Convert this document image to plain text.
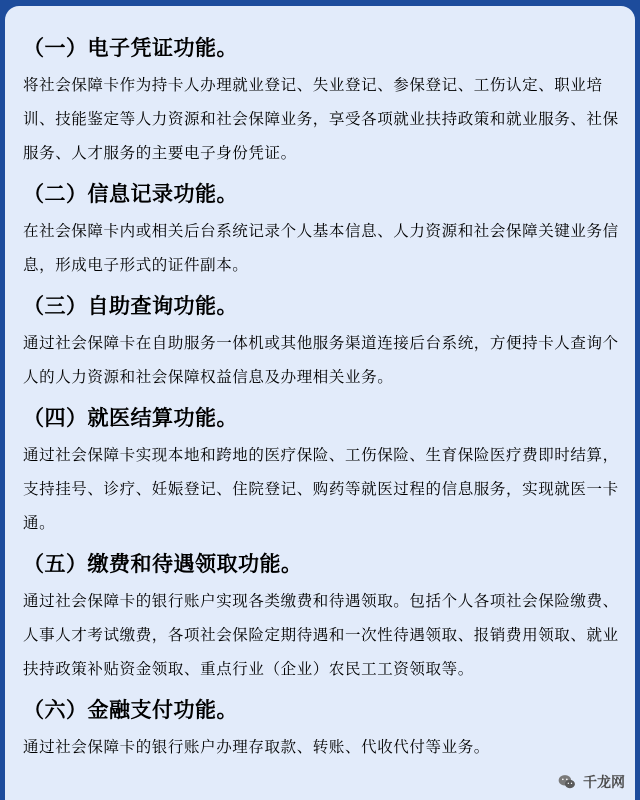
（一）电子凭证功能。
将社会保障卡作为持卡人办理就业登记、失业登记、参保登记、工伤认定、职业培训、技能鉴定等人力资源和社会保障业务，享受各项就业扶持政策和就业服务、社保服务、人才服务的主要电子身份凭证。
（二）信息记录功能。
在社会保障卡内或相关后台系统记录个人基本信息、人力资源和社会保障关键业务信息，形成电子形式的证件副本。
（三）自助查询功能。
通过社会保障卡在自助服务一体机或其他服务渠道连接后台系统，方便持卡人查询个人的人力资源和社会保障权益信息及办理相关业务。
（四）就医结算功能。
通过社会保障卡实现本地和跨地的医疗保险、工伤保险、生育保险医疗费即时结算，支持挂号、诊疗、妊娠登记、住院登记、购药等就医过程的信息服务，实现就医一卡通。
（五）缴费和待遇领取功能。
通过社会保障卡的银行账户实现各类缴费和待遇领取。包括个人各项社会保险缴费、人事人才考试缴费，各项社会保险定期待遇和一次性待遇领取、报销费用领取、就业扶持政策补贴资金领取、重点行业（企业）农民工工资领取等。
（六）金融支付功能。
通过社会保障卡的银行账户办理存取款、转账、代收代付等业务。
千龙网
